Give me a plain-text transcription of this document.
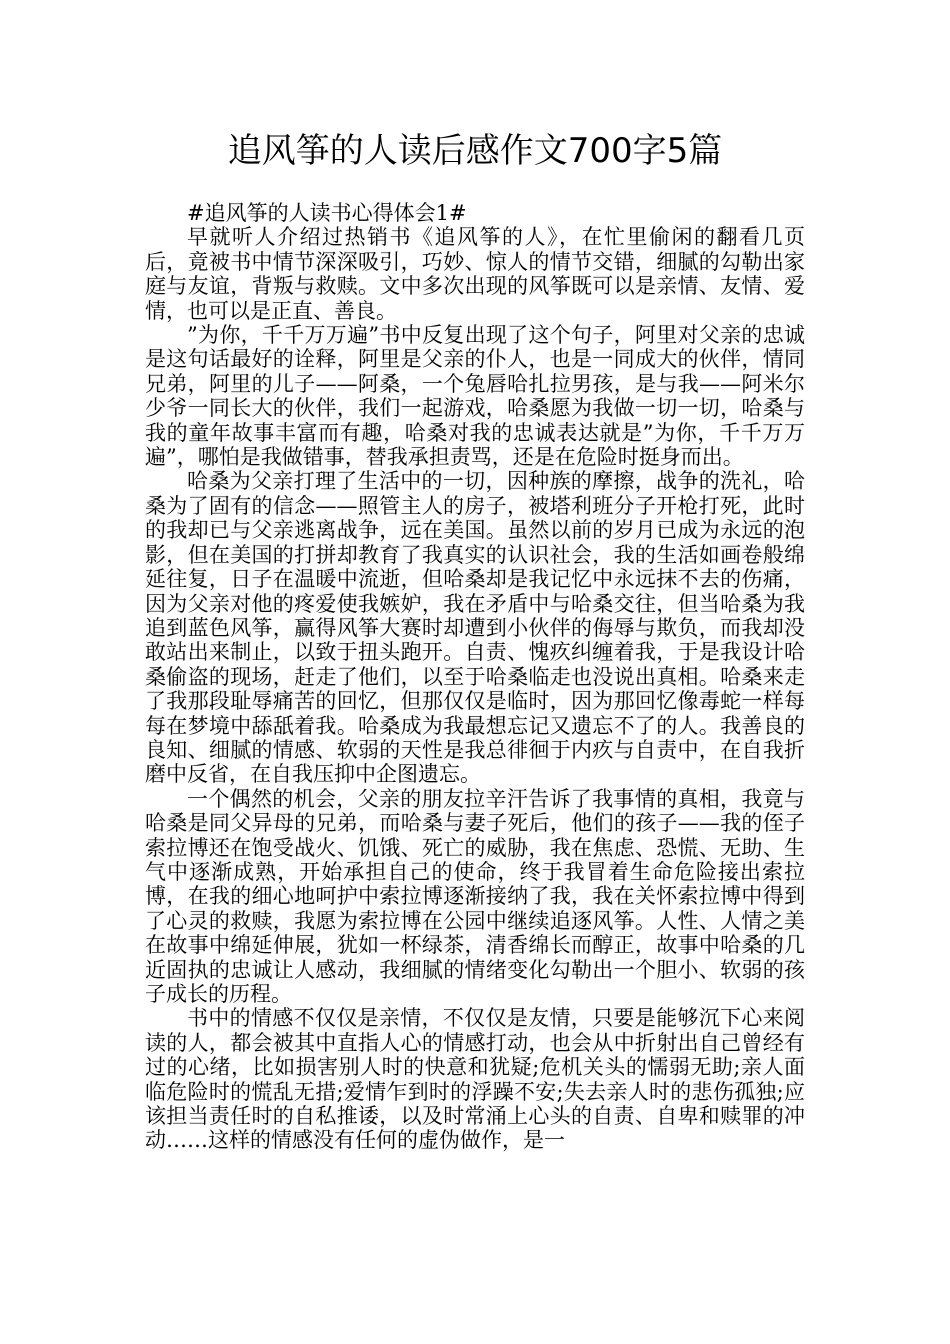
追风筝的人读后感作文700字5篇

#追风筝的人读书心得体会1#

早就听人介绍过热销书《追风筝的人》，在忙里偷闲的翻看几页后，竟被书中情节深深吸引，巧妙、惊人的情节交错，细腻的勾勒出家庭与友谊，背叛与救赎。文中多次出现的风筝既可以是亲情、友情、爱情，也可以是正直、善良。

”为你，千千万万遍”书中反复出现了这个句子，阿里对父亲的忠诚是这句话最好的诠释，阿里是父亲的仆人，也是一同成大的伙伴，情同兄弟，阿里的儿子——阿桑，一个兔唇哈扎拉男孩，是与我——阿米尔少爷一同长大的伙伴，我们一起游戏，哈桑愿为我做一切一切，哈桑与我的童年故事丰富而有趣，哈桑对我的忠诚表达就是”为你，千千万万遍”，哪怕是我做错事，替我承担责骂，还是在危险时挺身而出。

哈桑为父亲打理了生活中的一切，因种族的摩擦，战争的洗礼，哈桑为了固有的信念——照管主人的房子，被塔利班分子开枪打死，此时的我却已与父亲逃离战争，远在美国。虽然以前的岁月已成为永远的泡影，但在美国的打拼却教育了我真实的认识社会，我的生活如画卷般绵延往复，日子在温暖中流逝，但哈桑却是我记忆中永远抹不去的伤痛，因为父亲对他的疼爱使我嫉妒，我在矛盾中与哈桑交往，但当哈桑为我追到蓝色风筝，赢得风筝大赛时却遭到小伙伴的侮辱与欺负，而我却没敢站出来制止，以致于扭头跑开。自责、愧疚纠缠着我，于是我设计哈桑偷盗的现场，赶走了他们，以至于哈桑临走也没说出真相。哈桑来走了我那段耻辱痛苦的回忆，但那仅仅是临时，因为那回忆像毒蛇一样每每在梦境中舔舐着我。哈桑成为我最想忘记又遗忘不了的人。我善良的良知、细腻的情感、软弱的天性是我总徘徊于内疚与自责中，在自我折磨中反省，在自我压抑中企图遗忘。

一个偶然的机会，父亲的朋友拉辛汗告诉了我事情的真相，我竟与哈桑是同父异母的兄弟，而哈桑与妻子死后，他们的孩子——我的侄子索拉博还在饱受战火、饥饿、死亡的威胁，我在焦虑、恐慌、无助、生气中逐渐成熟，开始承担自己的使命，终于我冒着生命危险接出索拉博，在我的细心地呵护中索拉博逐渐接纳了我，我在关怀索拉博中得到了心灵的救赎，我愿为索拉博在公园中继续追逐风筝。人性、人情之美在故事中绵延伸展，犹如一杯绿茶，清香绵长而醇正，故事中哈桑的几近固执的忠诚让人感动，我细腻的情绪变化勾勒出一个胆小、软弱的孩子成长的历程。

书中的情感不仅仅是亲情，不仅仅是友情，只要是能够沉下心来阅读的人，都会被其中直指人心的情感打动，也会从中折射出自己曾经有过的心绪，比如损害别人时的快意和犹疑;危机关头的懦弱无助;亲人面临危险时的慌乱无措;爱情乍到时的浮躁不安;失去亲人时的悲伤孤独;应该担当责任时的自私推诿，以及时常涌上心头的自责、自卑和赎罪的冲动……这样的情感没有任何的虚伪做作，是一
